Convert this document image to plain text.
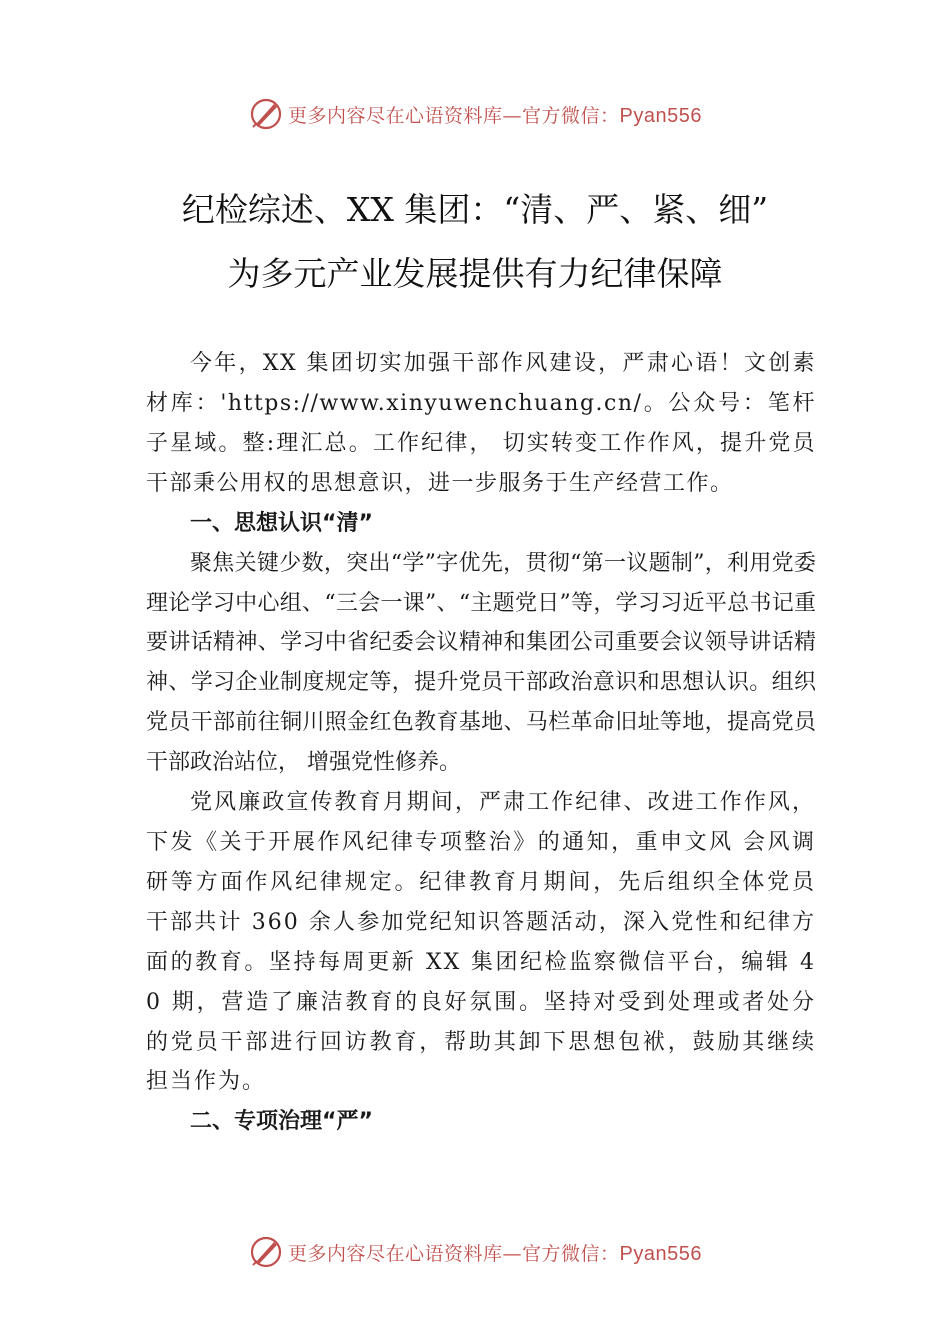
更多内容尽在心语资料库—官方微信：Pyan556
纪检综述、XX 集团：“清、严、紧、细”
为多元产业发展提供有力纪律保障

今年，XX 集团切实加强干部作风建设，严肃心语！文创素材库：'https://www.xinyuwenchuang.cn/。公众号：笔杆子星域。整:理汇总。工作纪律， 切实转变工作作风，提升党员干部秉公用权的思想意识，进一步服务于生产经营工作。

一、思想认识“清”

聚焦关键少数，突出“学”字优先，贯彻“第一议题制”，利用党委理论学习中心组、“三会一课”、“主题党日”等，学习习近平总书记重要讲话精神、学习中省纪委会议精神和集团公司重要会议领导讲话精神、学习企业制度规定等，提升党员干部政治意识和思想认识。组织党员干部前往铜川照金红色教育基地、马栏革命旧址等地，提高党员干部政治站位， 增强党性修养。

党风廉政宣传教育月期间，严肃工作纪律、改进工作作风，下发《关于开展作风纪律专项整治》的通知，重申文风 会风调研等方面作风纪律规定。纪律教育月期间，先后组织全体党员干部共计 360 余人参加党纪知识答题活动，深入党性和纪律方面的教育。坚持每周更新 XX 集团纪检监察微信平台，编辑 40 期，营造了廉洁教育的良好氛围。坚持对受到处理或者处分的党员干部进行回访教育，帮助其卸下思想包袱，鼓励其继续担当作为。

二、专项治理“严”

更多内容尽在心语资料库—官方微信：Pyan556
